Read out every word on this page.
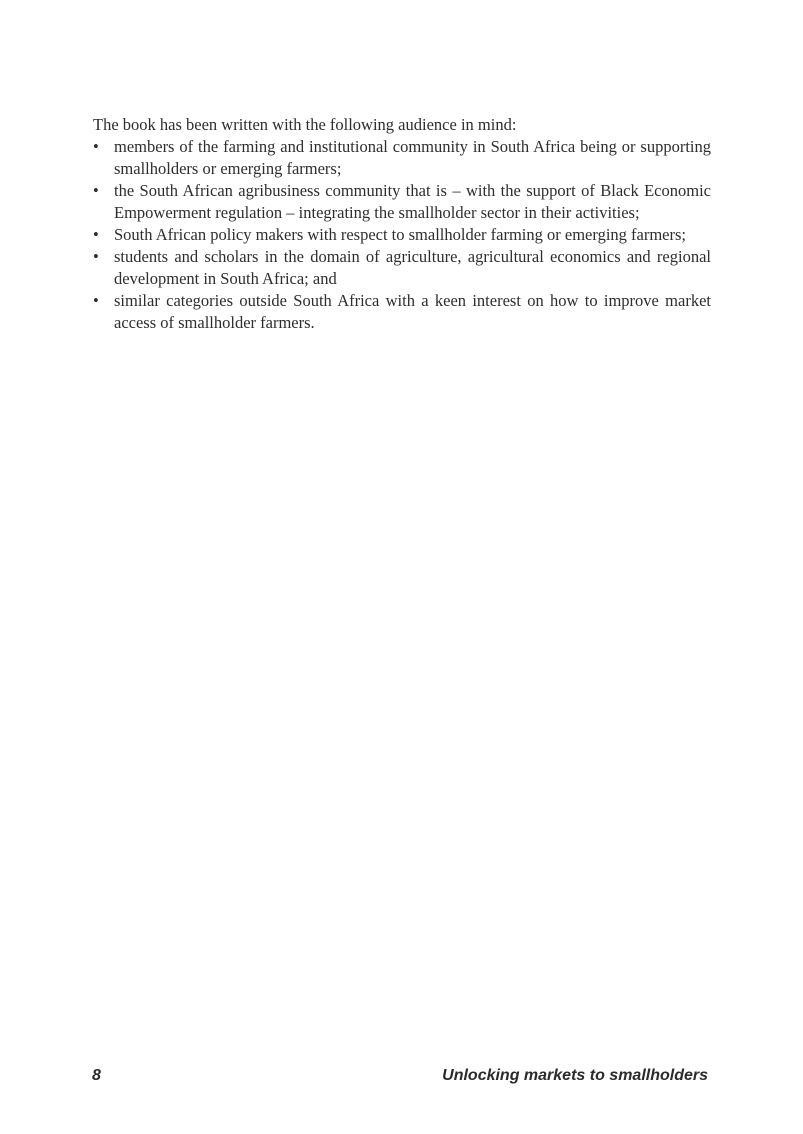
The book has been written with the following audience in mind:

• members of the farming and institutional community in South Africa being or supporting smallholders or emerging farmers;
• the South African agribusiness community that is – with the support of Black Economic Empowerment regulation – integrating the smallholder sector in their activities;
• South African policy makers with respect to smallholder farming or emerging farmers;
• students and scholars in the domain of agriculture, agricultural economics and regional development in South Africa; and
• similar categories outside South Africa with a keen interest on how to improve market access of smallholder farmers.
8	Unlocking markets to smallholders
